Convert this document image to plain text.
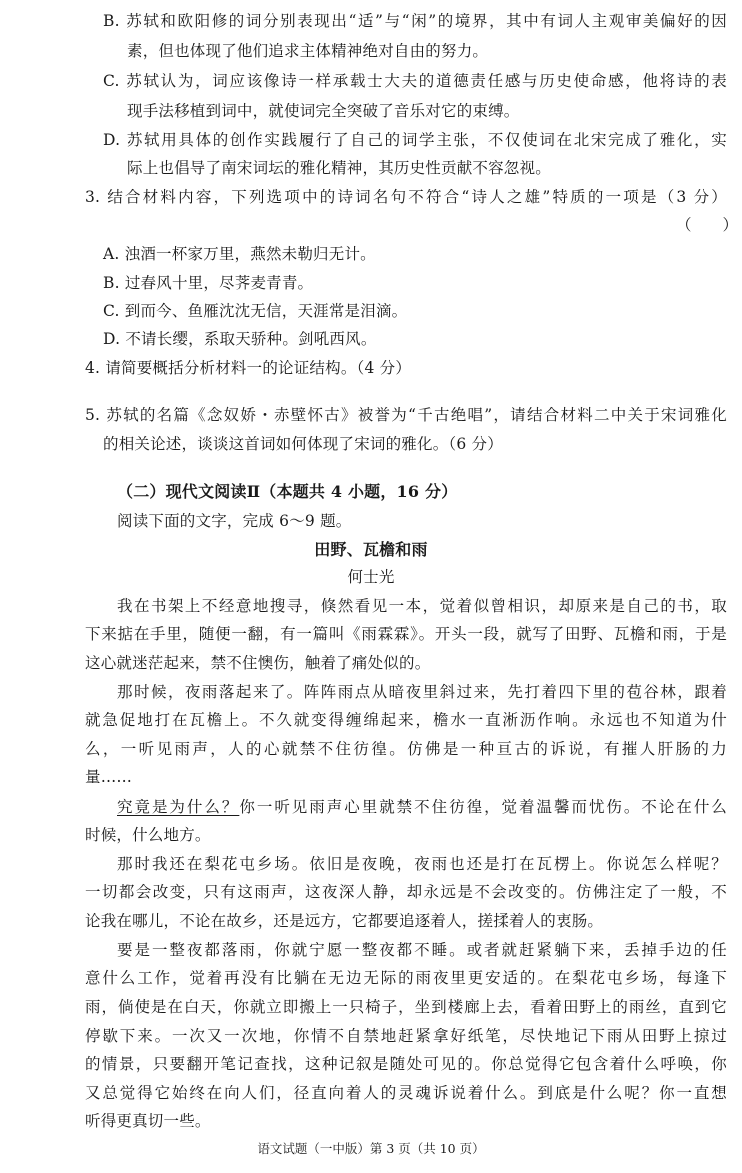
B. 苏轼和欧阳修的词分别表现出“适”与“闲”的境界，其中有词人主观审美偏好的因
素，但也体现了他们追求主体精神绝对自由的努力。
C. 苏轼认为，词应该像诗一样承载士大夫的道德责任感与历史使命感，他将诗的表
现手法移植到词中，就使词完全突破了音乐对它的束缚。
D. 苏轼用具体的创作实践履行了自己的词学主张，不仅使词在北宋完成了雅化，实
际上也倡导了南宋词坛的雅化精神，其历史性贡献不容忽视。
3. 结合材料内容，下列选项中的诗词名句不符合“诗人之雄”特质的一项是（3 分）
（　　）
A. 浊酒一杯家万里，燕然未勒归无计。
B. 过春风十里，尽荠麦青青。
C. 到而今、鱼雁沈沈无信，天涯常是泪滴。
D. 不请长缨，系取天骄种。剑吼西风。
4. 请简要概括分析材料一的论证结构。（4 分）
5. 苏轼的名篇《念奴娇・赤壁怀古》被誉为“千古绝唱”，请结合材料二中关于宋词雅化
的相关论述，谈谈这首词如何体现了宋词的雅化。（6 分）
（二）现代文阅读Ⅱ（本题共 4 小题，16 分）
阅读下面的文字，完成 6～9 题。
田野、瓦檐和雨
何士光
我在书架上不经意地搜寻，倏然看见一本，觉着似曾相识，却原来是自己的书，取
下来掂在手里，随便一翻，有一篇叫《雨霖霖》。开头一段，就写了田野、瓦檐和雨，于是
这心就迷茫起来，禁不住懊伤，触着了痛处似的。
那时候，夜雨落起来了。阵阵雨点从暗夜里斜过来，先打着四下里的苞谷林，跟着
就急促地打在瓦檐上。不久就变得缠绵起来，檐水一直淅沥作响。永远也不知道为什
么，一听见雨声，人的心就禁不住彷徨。仿佛是一种亘古的诉说，有摧人肝肠的力
量……
究竟是为什么？你一听见雨声心里就禁不住彷徨，觉着温馨而忧伤。不论在什么
时候，什么地方。
那时我还在梨花屯乡场。依旧是夜晚，夜雨也还是打在瓦楞上。你说怎么样呢？
一切都会改变，只有这雨声，这夜深人静，却永远是不会改变的。仿佛注定了一般，不
论我在哪儿，不论在故乡，还是远方，它都要追逐着人，搓揉着人的衷肠。
要是一整夜都落雨，你就宁愿一整夜都不睡。或者就赶紧躺下来，丢掉手边的任
意什么工作，觉着再没有比躺在无边无际的雨夜里更安适的。在梨花屯乡场，每逢下
雨，倘使是在白天，你就立即搬上一只椅子，坐到楼廊上去，看着田野上的雨丝，直到它
停歇下来。一次又一次地，你情不自禁地赶紧拿好纸笔，尽快地记下雨从田野上掠过
的情景，只要翻开笔记查找，这种记叙是随处可见的。你总觉得它包含着什么呼唤，你
又总觉得它始终在向人们，径直向着人的灵魂诉说着什么。到底是什么呢？你一直想
听得更真切一些。
语文试题（一中版）第 3 页（共 10 页）
